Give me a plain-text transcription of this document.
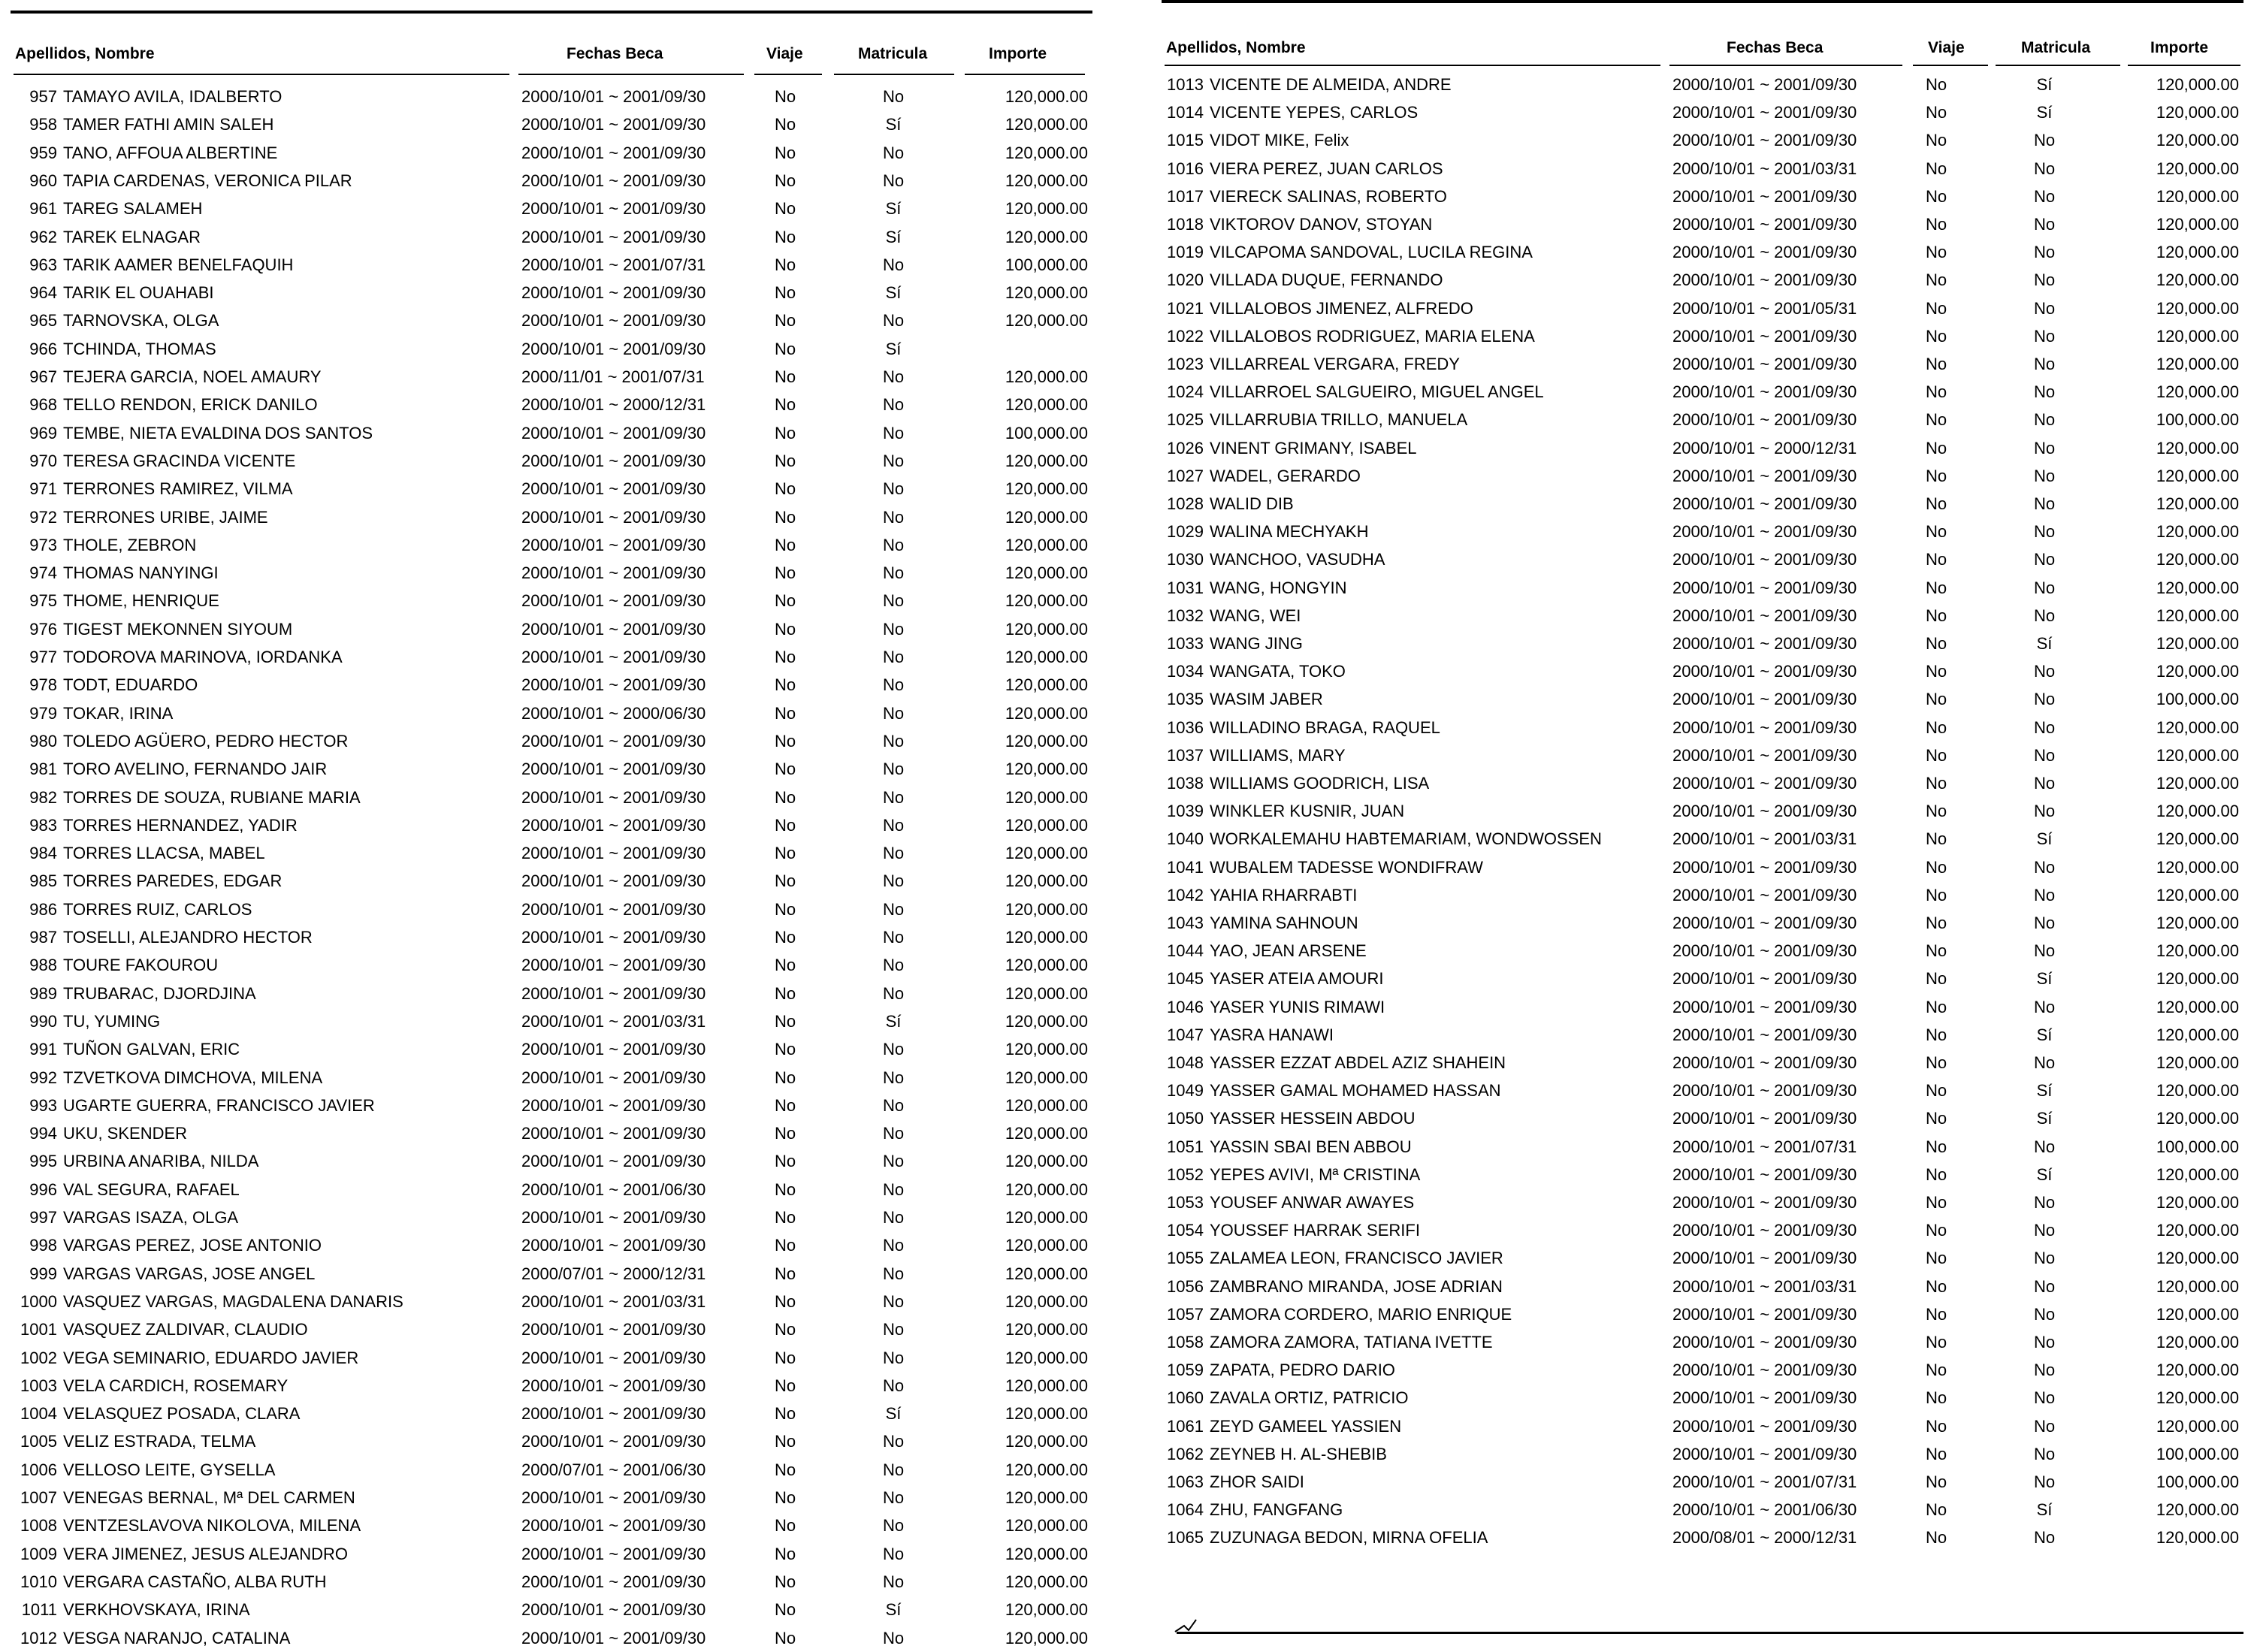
Apellidos, Nombre	Fechas Beca	Viaje	Matricula	Importe
957 TAMAYO AVILA, IDALBERTO	2000/10/01 ~ 2001/09/30	No	No	120,000.00
958 TAMER FATHI AMIN SALEH	2000/10/01 ~ 2001/09/30	No	Sí	120,000.00
959 TANO, AFFOUA ALBERTINE	2000/10/01 ~ 2001/09/30	No	No	120,000.00
960 TAPIA CARDENAS, VERONICA PILAR	2000/10/01 ~ 2001/09/30	No	No	120,000.00
961 TAREG SALAMEH	2000/10/01 ~ 2001/09/30	No	Sí	120,000.00
962 TAREK ELNAGAR	2000/10/01 ~ 2001/09/30	No	Sí	120,000.00
963 TARIK AAMER BENELFAQUIH	2000/10/01 ~ 2001/07/31	No	No	100,000.00
964 TARIK EL OUAHABI	2000/10/01 ~ 2001/09/30	No	Sí	120,000.00
965 TARNOVSKA, OLGA	2000/10/01 ~ 2001/09/30	No	No	120,000.00
966 TCHINDA, THOMAS	2000/10/01 ~ 2001/09/30	No	Sí
967 TEJERA GARCIA, NOEL AMAURY	2000/11/01 ~ 2001/07/31	No	No	120,000.00
968 TELLO RENDON, ERICK DANILO	2000/10/01 ~ 2000/12/31	No	No	120,000.00
969 TEMBE, NIETA EVALDINA DOS SANTOS	2000/10/01 ~ 2001/09/30	No	No	100,000.00
970 TERESA GRACINDA VICENTE	2000/10/01 ~ 2001/09/30	No	No	120,000.00
971 TERRONES RAMIREZ, VILMA	2000/10/01 ~ 2001/09/30	No	No	120,000.00
972 TERRONES URIBE, JAIME	2000/10/01 ~ 2001/09/30	No	No	120,000.00
973 THOLE, ZEBRON	2000/10/01 ~ 2001/09/30	No	No	120,000.00
974 THOMAS NANYINGI	2000/10/01 ~ 2001/09/30	No	No	120,000.00
975 THOME, HENRIQUE	2000/10/01 ~ 2001/09/30	No	No	120,000.00
976 TIGEST MEKONNEN SIYOUM	2000/10/01 ~ 2001/09/30	No	No	120,000.00
977 TODOROVA MARINOVA, IORDANKA	2000/10/01 ~ 2001/09/30	No	No	120,000.00
978 TODT, EDUARDO	2000/10/01 ~ 2001/09/30	No	No	120,000.00
979 TOKAR, IRINA	2000/10/01 ~ 2000/06/30	No	No	120,000.00
980 TOLEDO AGÜERO, PEDRO HECTOR	2000/10/01 ~ 2001/09/30	No	No	120,000.00
981 TORO AVELINO, FERNANDO JAIR	2000/10/01 ~ 2001/09/30	No	No	120,000.00
982 TORRES DE SOUZA, RUBIANE MARIA	2000/10/01 ~ 2001/09/30	No	No	120,000.00
983 TORRES HERNANDEZ, YADIR	2000/10/01 ~ 2001/09/30	No	No	120,000.00
984 TORRES LLACSA, MABEL	2000/10/01 ~ 2001/09/30	No	No	120,000.00
985 TORRES PAREDES, EDGAR	2000/10/01 ~ 2001/09/30	No	No	120,000.00
986 TORRES RUIZ, CARLOS	2000/10/01 ~ 2001/09/30	No	No	120,000.00
987 TOSELLI, ALEJANDRO HECTOR	2000/10/01 ~ 2001/09/30	No	No	120,000.00
988 TOURE FAKOUROU	2000/10/01 ~ 2001/09/30	No	No	120,000.00
989 TRUBARAC, DJORDJINA	2000/10/01 ~ 2001/09/30	No	No	120,000.00
990 TU, YUMING	2000/10/01 ~ 2001/03/31	No	Sí	120,000.00
991 TUÑON GALVAN, ERIC	2000/10/01 ~ 2001/09/30	No	No	120,000.00
992 TZVETKOVA DIMCHOVA, MILENA	2000/10/01 ~ 2001/09/30	No	No	120,000.00
993 UGARTE GUERRA, FRANCISCO JAVIER	2000/10/01 ~ 2001/09/30	No	No	120,000.00
994 UKU, SKENDER	2000/10/01 ~ 2001/09/30	No	No	120,000.00
995 URBINA ANARIBA, NILDA	2000/10/01 ~ 2001/09/30	No	No	120,000.00
996 VAL SEGURA, RAFAEL	2000/10/01 ~ 2001/06/30	No	No	120,000.00
997 VARGAS ISAZA, OLGA	2000/10/01 ~ 2001/09/30	No	No	120,000.00
998 VARGAS PEREZ, JOSE ANTONIO	2000/10/01 ~ 2001/09/30	No	No	120,000.00
999 VARGAS VARGAS, JOSE ANGEL	2000/07/01 ~ 2000/12/31	No	No	120,000.00
1000 VASQUEZ VARGAS, MAGDALENA DANARIS	2000/10/01 ~ 2001/03/31	No	No	120,000.00
1001 VASQUEZ ZALDIVAR, CLAUDIO	2000/10/01 ~ 2001/09/30	No	No	120,000.00
1002 VEGA SEMINARIO, EDUARDO JAVIER	2000/10/01 ~ 2001/09/30	No	No	120,000.00
1003 VELA CARDICH, ROSEMARY	2000/10/01 ~ 2001/09/30	No	No	120,000.00
1004 VELASQUEZ POSADA, CLARA	2000/10/01 ~ 2001/09/30	No	Sí	120,000.00
1005 VELIZ ESTRADA, TELMA	2000/10/01 ~ 2001/09/30	No	No	120,000.00
1006 VELLOSO LEITE, GYSELLA	2000/07/01 ~ 2001/06/30	No	No	120,000.00
1007 VENEGAS BERNAL, Mª DEL CARMEN	2000/10/01 ~ 2001/09/30	No	No	120,000.00
1008 VENTZESLAVOVA NIKOLOVA, MILENA	2000/10/01 ~ 2001/09/30	No	No	120,000.00
1009 VERA JIMENEZ, JESUS ALEJANDRO	2000/10/01 ~ 2001/09/30	No	No	120,000.00
1010 VERGARA CASTAÑO, ALBA RUTH	2000/10/01 ~ 2001/09/30	No	No	120,000.00
1011 VERKHOVSKAYA, IRINA	2000/10/01 ~ 2001/09/30	No	Sí	120,000.00
1012 VESGA NARANJO, CATALINA	2000/10/01 ~ 2001/09/30	No	No	120,000.00
Apellidos, Nombre	Fechas Beca	Viaje	Matricula	Importe
1013 VICENTE DE ALMEIDA, ANDRE	2000/10/01 ~ 2001/09/30	No	Sí	120,000.00
1014 VICENTE YEPES, CARLOS	2000/10/01 ~ 2001/09/30	No	Sí	120,000.00
1015 VIDOT MIKE, Felix	2000/10/01 ~ 2001/09/30	No	No	120,000.00
1016 VIERA PEREZ, JUAN CARLOS	2000/10/01 ~ 2001/03/31	No	No	120,000.00
1017 VIERECK SALINAS, ROBERTO	2000/10/01 ~ 2001/09/30	No	No	120,000.00
1018 VIKTOROV DANOV, STOYAN	2000/10/01 ~ 2001/09/30	No	No	120,000.00
1019 VILCAPOMA SANDOVAL, LUCILA REGINA	2000/10/01 ~ 2001/09/30	No	No	120,000.00
1020 VILLADA DUQUE, FERNANDO	2000/10/01 ~ 2001/09/30	No	No	120,000.00
1021 VILLALOBOS JIMENEZ, ALFREDO	2000/10/01 ~ 2001/05/31	No	No	120,000.00
1022 VILLALOBOS RODRIGUEZ, MARIA ELENA	2000/10/01 ~ 2001/09/30	No	No	120,000.00
1023 VILLARREAL VERGARA, FREDY	2000/10/01 ~ 2001/09/30	No	No	120,000.00
1024 VILLARROEL SALGUEIRO, MIGUEL ANGEL	2000/10/01 ~ 2001/09/30	No	No	120,000.00
1025 VILLARRUBIA TRILLO, MANUELA	2000/10/01 ~ 2001/09/30	No	No	100,000.00
1026 VINENT GRIMANY, ISABEL	2000/10/01 ~ 2000/12/31	No	No	120,000.00
1027 WADEL, GERARDO	2000/10/01 ~ 2001/09/30	No	No	120,000.00
1028 WALID DIB	2000/10/01 ~ 2001/09/30	No	No	120,000.00
1029 WALINA MECHYAKH	2000/10/01 ~ 2001/09/30	No	No	120,000.00
1030 WANCHOO, VASUDHA	2000/10/01 ~ 2001/09/30	No	No	120,000.00
1031 WANG, HONGYIN	2000/10/01 ~ 2001/09/30	No	No	120,000.00
1032 WANG, WEI	2000/10/01 ~ 2001/09/30	No	No	120,000.00
1033 WANG JING	2000/10/01 ~ 2001/09/30	No	Sí	120,000.00
1034 WANGATA, TOKO	2000/10/01 ~ 2001/09/30	No	No	120,000.00
1035 WASIM JABER	2000/10/01 ~ 2001/09/30	No	No	100,000.00
1036 WILLADINO BRAGA, RAQUEL	2000/10/01 ~ 2001/09/30	No	No	120,000.00
1037 WILLIAMS, MARY	2000/10/01 ~ 2001/09/30	No	No	120,000.00
1038 WILLIAMS GOODRICH, LISA	2000/10/01 ~ 2001/09/30	No	No	120,000.00
1039 WINKLER KUSNIR, JUAN	2000/10/01 ~ 2001/09/30	No	No	120,000.00
1040 WORKALEMAHU HABTEMARIAM, WONDWOSSEN	2000/10/01 ~ 2001/03/31	No	Sí	120,000.00
1041 WUBALEM TADESSE WONDIFRAW	2000/10/01 ~ 2001/09/30	No	No	120,000.00
1042 YAHIA RHARRABTI	2000/10/01 ~ 2001/09/30	No	No	120,000.00
1043 YAMINA SAHNOUN	2000/10/01 ~ 2001/09/30	No	No	120,000.00
1044 YAO, JEAN ARSENE	2000/10/01 ~ 2001/09/30	No	No	120,000.00
1045 YASER ATEIA AMOURI	2000/10/01 ~ 2001/09/30	No	Sí	120,000.00
1046 YASER YUNIS RIMAWI	2000/10/01 ~ 2001/09/30	No	No	120,000.00
1047 YASRA HANAWI	2000/10/01 ~ 2001/09/30	No	Sí	120,000.00
1048 YASSER EZZAT ABDEL AZIZ SHAHEIN	2000/10/01 ~ 2001/09/30	No	No	120,000.00
1049 YASSER GAMAL MOHAMED HASSAN	2000/10/01 ~ 2001/09/30	No	Sí	120,000.00
1050 YASSER HESSEIN ABDOU	2000/10/01 ~ 2001/09/30	No	Sí	120,000.00
1051 YASSIN SBAI BEN ABBOU	2000/10/01 ~ 2001/07/31	No	No	100,000.00
1052 YEPES AVIVI, Mª CRISTINA	2000/10/01 ~ 2001/09/30	No	Sí	120,000.00
1053 YOUSEF ANWAR AWAYES	2000/10/01 ~ 2001/09/30	No	No	120,000.00
1054 YOUSSEF HARRAK SERIFI	2000/10/01 ~ 2001/09/30	No	No	120,000.00
1055 ZALAMEA LEON, FRANCISCO JAVIER	2000/10/01 ~ 2001/09/30	No	No	120,000.00
1056 ZAMBRANO MIRANDA, JOSE ADRIAN	2000/10/01 ~ 2001/03/31	No	No	120,000.00
1057 ZAMORA CORDERO, MARIO ENRIQUE	2000/10/01 ~ 2001/09/30	No	No	120,000.00
1058 ZAMORA ZAMORA, TATIANA IVETTE	2000/10/01 ~ 2001/09/30	No	No	120,000.00
1059 ZAPATA, PEDRO DARIO	2000/10/01 ~ 2001/09/30	No	No	120,000.00
1060 ZAVALA ORTIZ, PATRICIO	2000/10/01 ~ 2001/09/30	No	No	120,000.00
1061 ZEYD GAMEEL YASSIEN	2000/10/01 ~ 2001/09/30	No	No	120,000.00
1062 ZEYNEB H. AL-SHEBIB	2000/10/01 ~ 2001/09/30	No	No	100,000.00
1063 ZHOR SAIDI	2000/10/01 ~ 2001/07/31	No	No	100,000.00
1064 ZHU, FANGFANG	2000/10/01 ~ 2001/06/30	No	Sí	120,000.00
1065 ZUZUNAGA BEDON, MIRNA OFELIA	2000/08/01 ~ 2000/12/31	No	No	120,000.00
